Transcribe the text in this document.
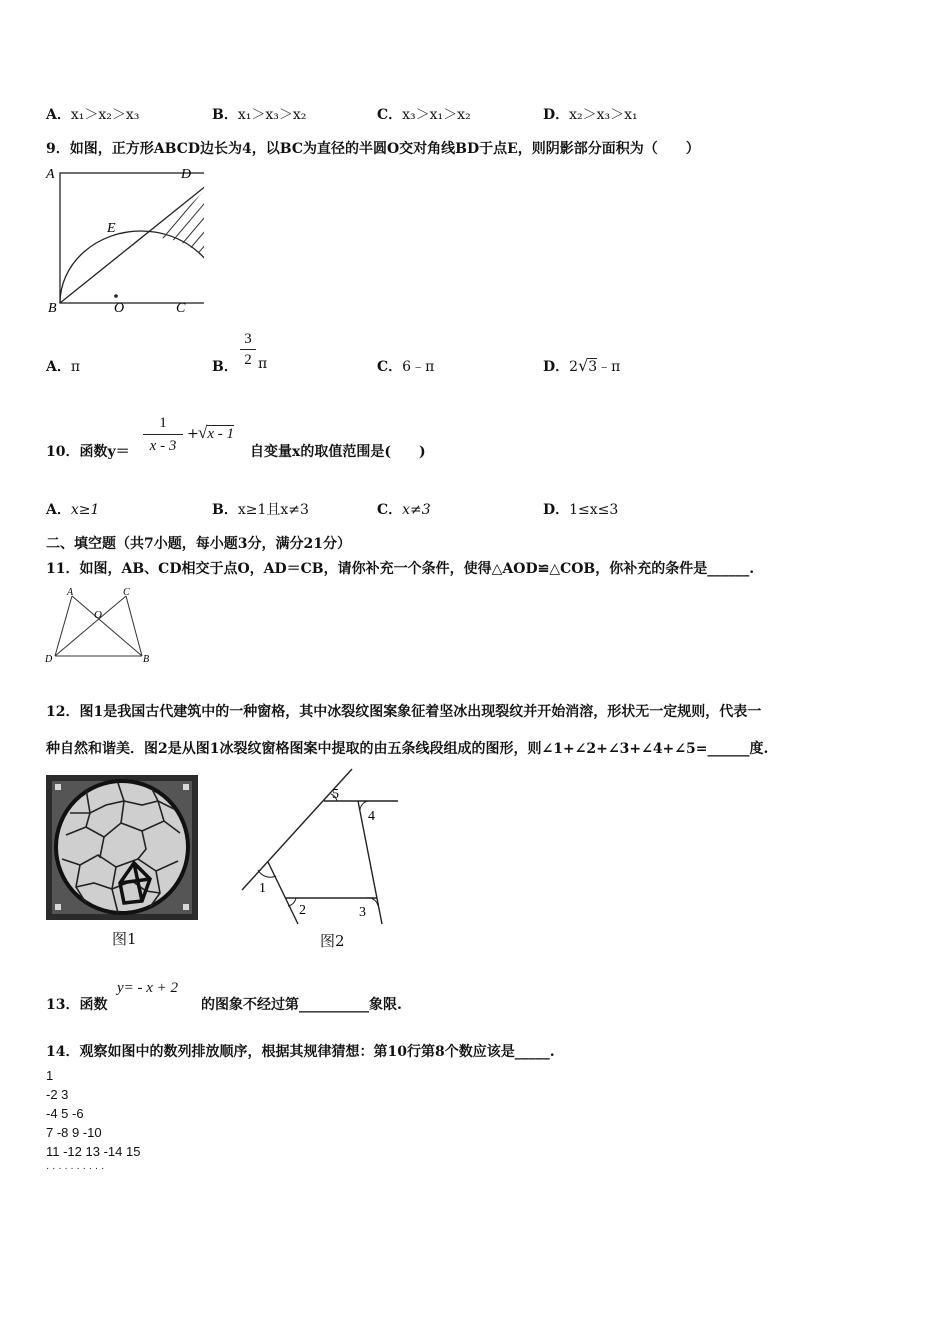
A．x₁＞x₂＞x₃	B．x₁＞x₃＞x₂	C．x₃＞x₁＞x₂	D．x₂＞x₃＞x₁
9．如图，正方形ABCD边长为4，以BC为直径的半圆O交对角线BD于点E，则阴影部分面积为（　　）
A	D
E
B	O	C
A．π	B．
3
2 π	C．6﹣π	D．2√3﹣π
10．函数y＝
1
x - 3
+ √x - 1
自变量x的取值范围是(　　)
A．x≥1	B．x≥1且x≠3	C．x≠3	D．1≤x≤3
二、填空题（共7小题，每小题3分，满分21分）
11．如图，AB、CD相交于点O，AD＝CB，请你补充一个条件，使得△AOD≌△COB，你补充的条件是______.
A	C
O
D	B
12．图1是我国古代建筑中的一种窗格，其中冰裂纹图案象征着坚冰出现裂纹并开始消溶，形状无一定规则，代表一
种自然和谐美．图2是从图1冰裂纹窗格图案中提取的由五条线段组成的图形，则∠1+∠2+∠3+∠4+∠5=______度.
图1
1
2	3
4
5
图2
13．函数
y= - x + 2
的图象不经过第__________象限.
14．观察如图中的数列排放顺序，根据其规律猜想：第10行第8个数应该是_____.
1
-2 3
-4 5 -6
7 -8 9 -10
11 -12 13 -14 15
· · · · · · · · · ·
